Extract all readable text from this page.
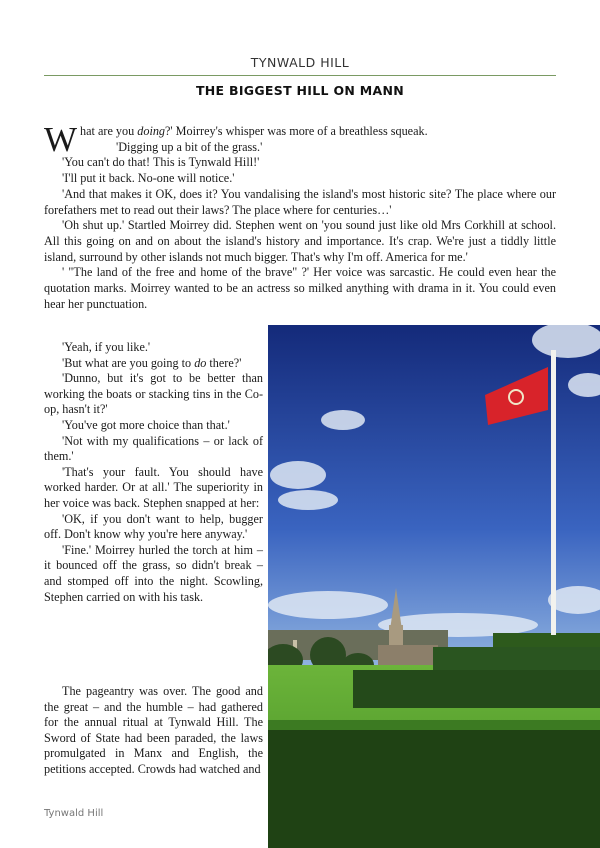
TYNWALD HILL
THE BIGGEST HILL ON MANN

What are you doing?' Moirrey's whisper was more of a breathless squeak.

'Digging up a bit of the grass.'

'You can't do that! This is Tynwald Hill!'

'I'll put it back. No-one will notice.'

'And that makes it OK, does it? You vandalising the island's most historic site? The place where our forefathers met to read out their laws? The place where for centuries…'

'Oh shut up.' Startled Moirrey did. Stephen went on 'you sound just like old Mrs Corkhill at school. All this going on and on about the island's history and importance. It's crap. We're just a tiddly little island, surround by other islands not much bigger. That's why I'm off. America for me.'

' "The land of the free and home of the brave" ?' Her voice was sarcastic. He could even hear the quotation marks. Moirrey wanted to be an actress so milked anything with drama in it. You could even hear her punctuation.

'Yeah, if you like.'

'But what are you going to do there?'

'Dunno, but it's got to be better than working the boats or stacking tins in the Co-op, hasn't it?'

'You've got more choice than that.'

'Not with my qualifications – or lack of them.'

'That's your fault. You should have worked harder. Or at all.' The superiority in her voice was back. Stephen snapped at her:

'OK, if you don't want to help, bugger off. Don't know why you're here anyway.'

'Fine.' Moirrey hurled the torch at him – it bounced off the grass, so didn't break – and stomped off into the night. Scowling, Stephen carried on with his task.

The pageantry was over. The good and the great – and the humble – had gathered for the annual ritual at Tynwald Hill. The Sword of State had been paraded, the laws promulgated in Manx and English, the petitions accepted. Crowds had watched and

Tynwald Hill
